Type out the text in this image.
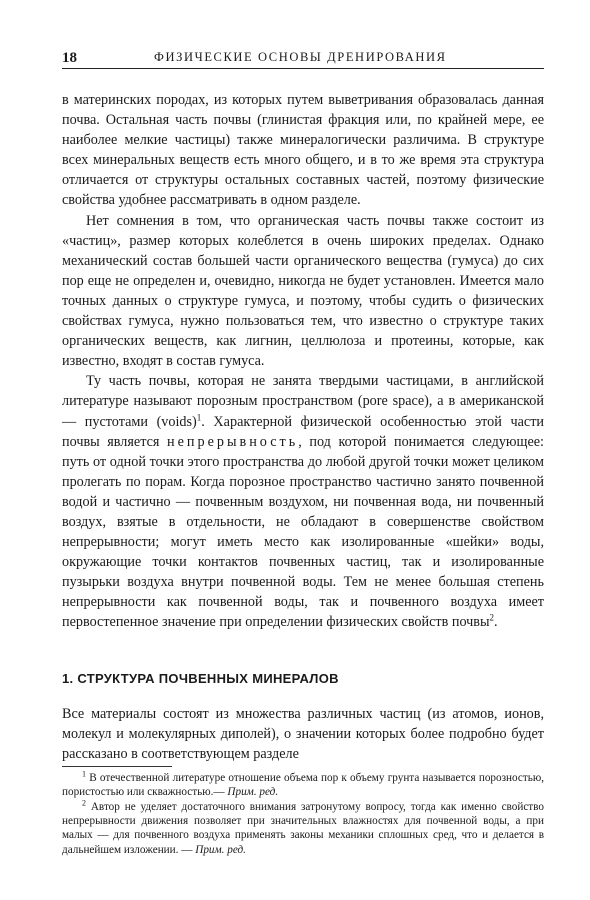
18	ФИЗИЧЕСКИЕ ОСНОВЫ ДРЕНИРОВАНИЯ

в материнских породах, из которых путем выветривания образовалась данная почва. Остальная часть почвы (глинистая фракция или, по крайней мере, ее наиболее мелкие частицы) также минералогически различима. В структуре всех минеральных веществ есть много общего, и в то же время эта структура отличается от структуры остальных составных частей, поэтому физические свойства удобнее рассматривать в одном разделе.

Нет сомнения в том, что органическая часть почвы также состоит из «частиц», размер которых колеблется в очень широких пределах. Однако механический состав большей части органического вещества (гумуса) до сих пор еще не определен и, очевидно, никогда не будет установлен. Имеется мало точных данных о структуре гумуса, и поэтому, чтобы судить о физических свойствах гумуса, нужно пользоваться тем, что известно о структуре таких органических веществ, как лигнин, целлюлоза и протеины, которые, как известно, входят в состав гумуса.

Ту часть почвы, которая не занята твердыми частицами, в английской литературе называют порозным пространством (pore space), а в американской — пустотами (voids)$^1$. Характерной физической особенностью этой части почвы является непрерывность, под которой понимается следующее: путь от одной точки этого пространства до любой другой точки может целиком пролегать по порам. Когда порозное пространство частично занято почвенной водой и частично — почвенным воздухом, ни почвенная вода, ни почвенный воздух, взятые в отдельности, не обладают в совершенстве свойством непрерывности; могут иметь место как изолированные «шейки» воды, окружающие точки контактов почвенных частиц, так и изолированные пузырьки воздуха внутри почвенной воды. Тем не менее большая степень непрерывности как почвенной воды, так и почвенного воздуха имеет первостепенное значение при определении физических свойств почвы$^2$.

1. СТРУКТУРА ПОЧВЕННЫХ МИНЕРАЛОВ

Все материалы состоят из множества различных частиц (из атомов, ионов, молекул и молекулярных диполей), о значении которых более подробно будет рассказано в соответствующем разделе

$^1$ В отечественной литературе отношение объема пор к объему грунта называется порозностью, пористостью или скважностью.— Прим. ред.

$^2$ Автор не уделяет достаточного внимания затронутому вопросу, тогда как именно свойство непрерывности движения позволяет при значительных влажностях для почвенной воды, а при малых — для почвенного воздуха применять законы механики сплошных сред, что и делается в дальнейшем изложении. — Прим. ред.
